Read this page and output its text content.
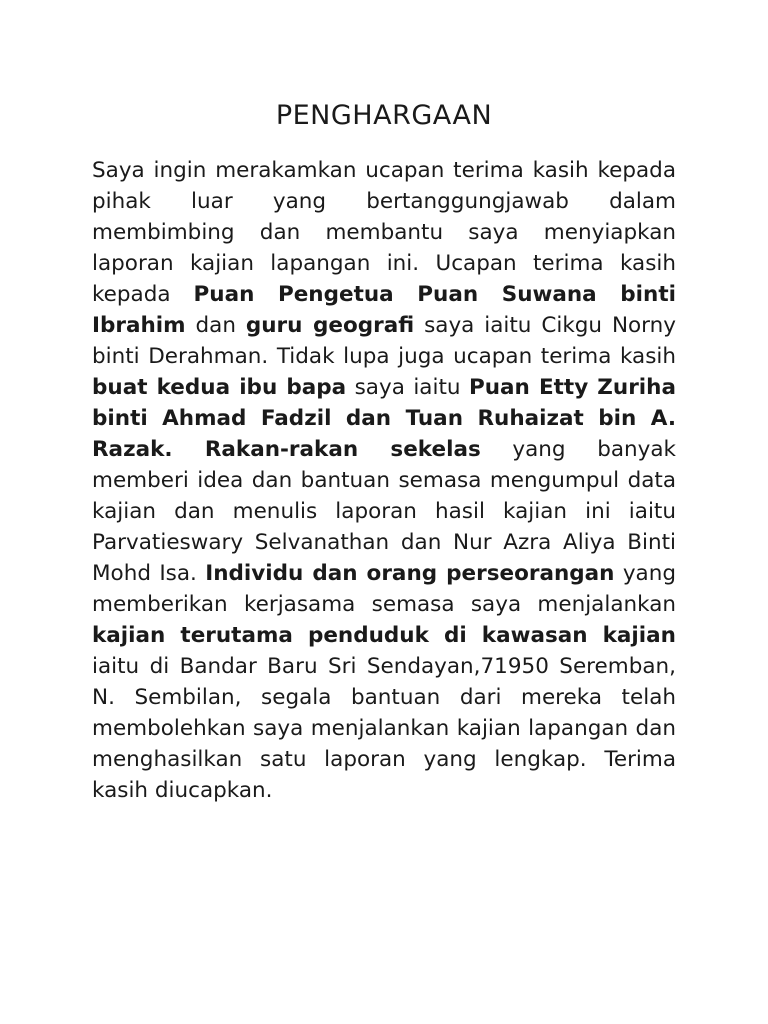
PENGHARGAAN

Saya ingin merakamkan ucapan terima kasih kepada pihak luar yang bertanggungjawab dalam membimbing dan membantu saya menyiapkan laporan kajian lapangan ini. Ucapan terima kasih kepada Puan Pengetua Puan Suwana binti Ibrahim dan guru geografi saya iaitu Cikgu Norny binti Derahman. Tidak lupa juga ucapan terima kasih buat kedua ibu bapa saya iaitu Puan Etty Zuriha binti Ahmad Fadzil dan Tuan Ruhaizat bin A. Razak. Rakan-rakan sekelas yang banyak memberi idea dan bantuan semasa mengumpul data kajian dan menulis laporan hasil kajian ini iaitu Parvatieswary Selvanathan dan Nur Azra Aliya Binti Mohd Isa. Individu dan orang perseorangan yang memberikan kerjasama semasa saya menjalankan kajian terutama penduduk di kawasan kajian iaitu di Bandar Baru Sri Sendayan,71950 Seremban, N. Sembilan, segala bantuan dari mereka telah membolehkan saya menjalankan kajian lapangan dan menghasilkan satu laporan yang lengkap. Terima kasih diucapkan.
